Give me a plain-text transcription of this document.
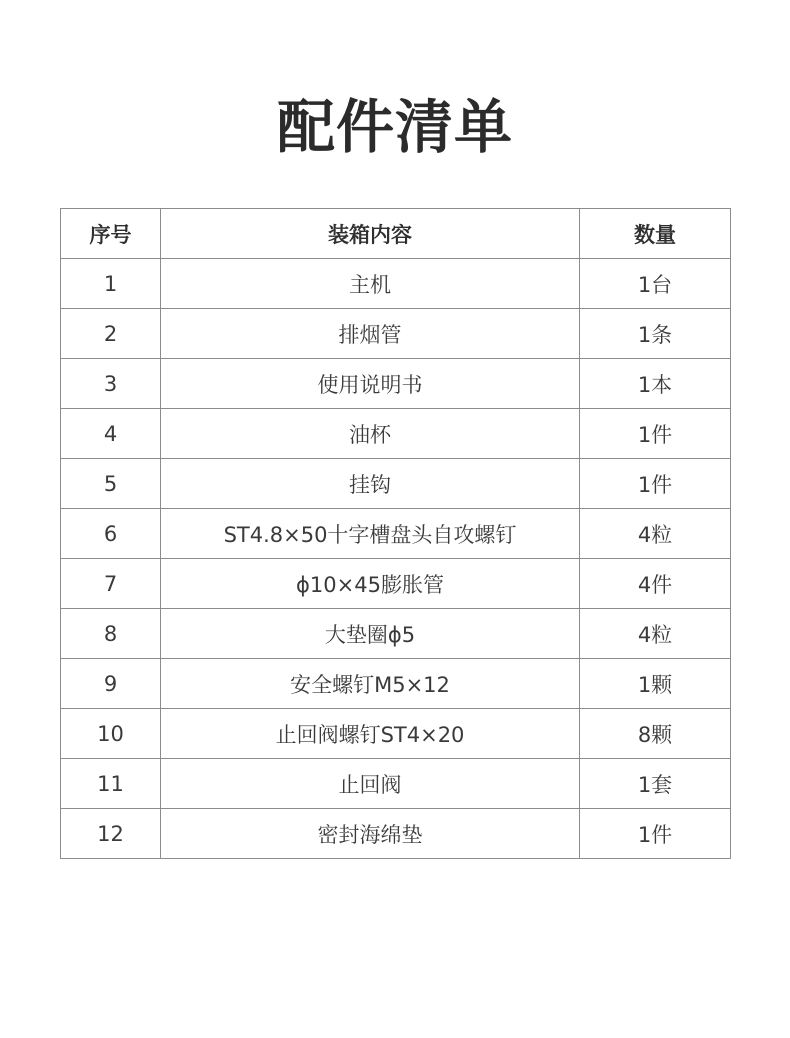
配件清单
序号	装箱内容	数量
1	主机	1台
2	排烟管	1条
3	使用说明书	1本
4	油杯	1件
5	挂钩	1件
6	ST4.8×50十字槽盘头自攻螺钉	4粒
7	ϕ10×45膨胀管	4件
8	大垫圈ϕ5	4粒
9	安全螺钉M5×12	1颗
10	止回阀螺钉ST4×20	8颗
11	止回阀	1套
12	密封海绵垫	1件
